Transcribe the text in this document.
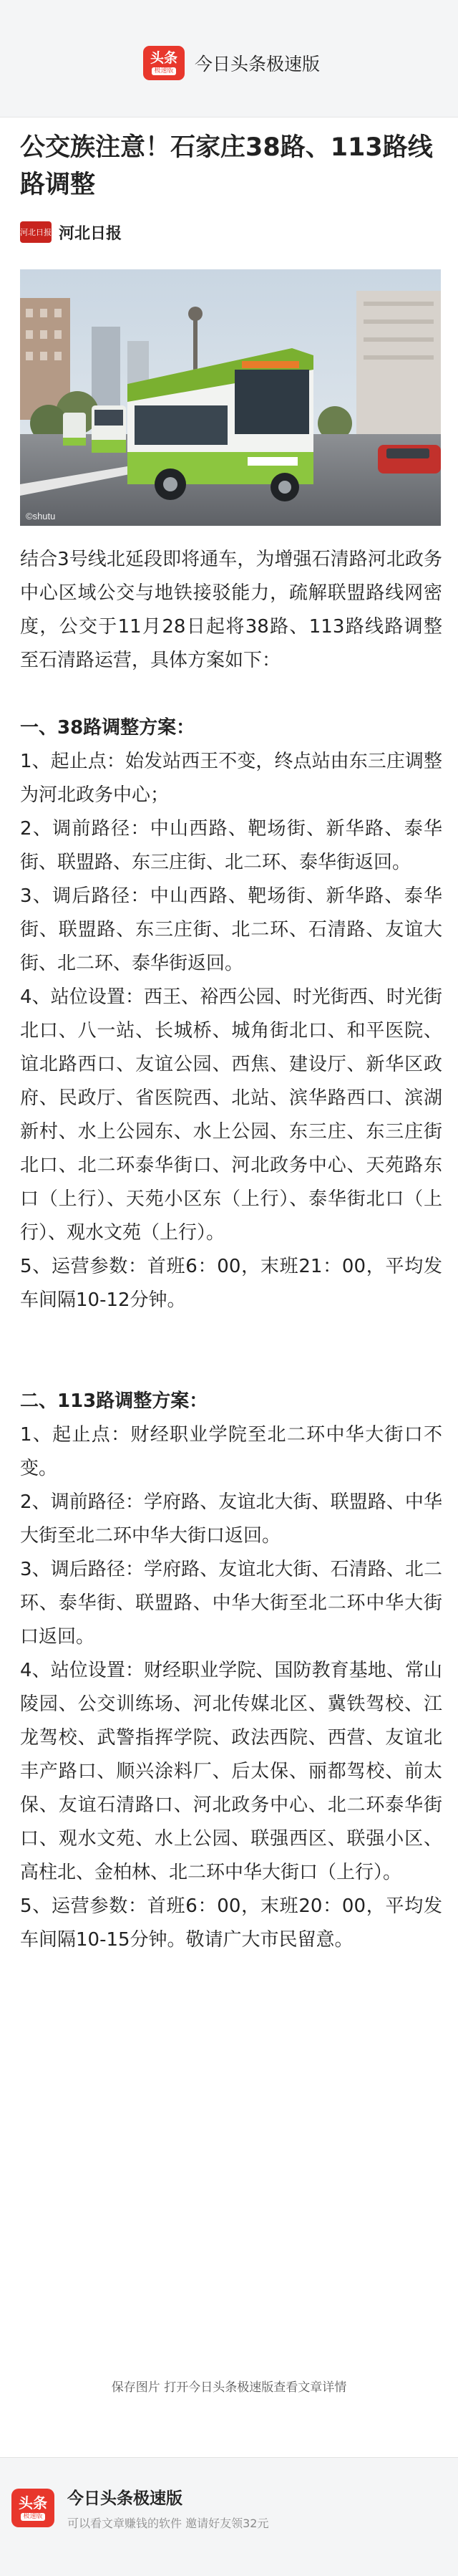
头条
极速版 今日头条极速版
公交族注意！石家庄38路、113路线路调整
河北日报 河北日报
©shutu

结合3号线北延段即将通车，为增强石清路河北政务中心区域公交与地铁接驳能力，疏解联盟路线网密度，公交于11月28日起将38路、113路线路调整至石清路运营，具体方案如下：

一、38路调整方案：

1、起止点：始发站西王不变，终点站由东三庄调整为河北政务中心；

2、调前路径：中山西路、靶场街、新华路、泰华街、联盟路、东三庄街、北二环、泰华街返回。

3、调后路径：中山西路、靶场街、新华路、泰华街、联盟路、东三庄街、北二环、石清路、友谊大街、北二环、泰华街返回。

4、站位设置：西王、裕西公园、时光街西、时光街北口、八一站、长城桥、城角街北口、和平医院、谊北路西口、友谊公园、西焦、建设厅、新华区政府、民政厅、省医院西、北站、滨华路西口、滨湖新村、水上公园东、水上公园、东三庄、东三庄街北口、北二环泰华街口、河北政务中心、天苑路东口（上行）、天苑小区东（上行）、泰华街北口（上行）、观水文苑（上行）。

5、运营参数：首班6：00，末班21：00，平均发车间隔10-12分钟。

二、113路调整方案：

1、起止点：财经职业学院至北二环中华大街口不变。

2、调前路径：学府路、友谊北大街、联盟路、中华大街至北二环中华大街口返回。

3、调后路径：学府路、友谊北大街、石清路、北二环、泰华街、联盟路、中华大街至北二环中华大街口返回。

4、站位设置：财经职业学院、国防教育基地、常山陵园、公交训练场、河北传媒北区、冀铁驾校、江龙驾校、武警指挥学院、政法西院、西营、友谊北丰产路口、顺兴涂料厂、后太保、丽都驾校、前太保、友谊石清路口、河北政务中心、北二环泰华街口、观水文苑、水上公园、联强西区、联强小区、高柱北、金柏林、北二环中华大街口（上行）。

5、运营参数：首班6：00，末班20：00，平均发车间隔10-15分钟。敬请广大市民留意。

保存图片 打开今日头条极速版查看文章详情
头条
极速版
今日头条极速版
可以看文章赚钱的软件 邀请好友领32元
